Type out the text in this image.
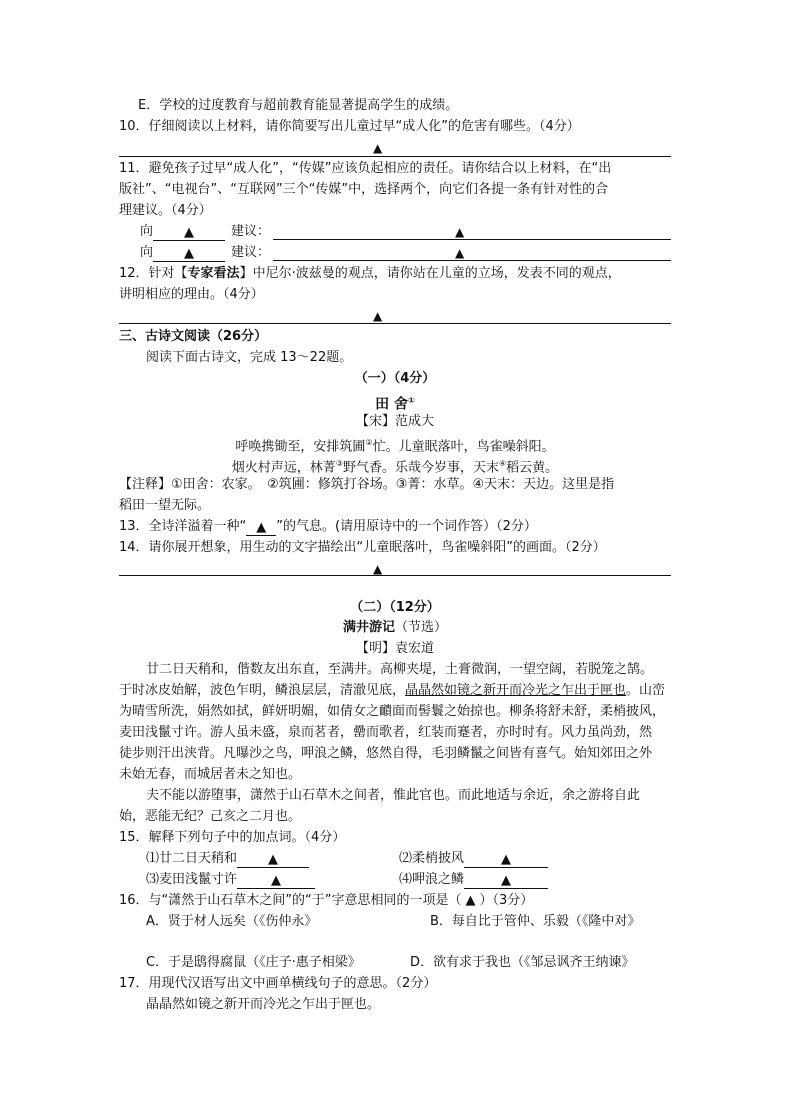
E．学校的过度教育与超前教育能显著提高学生的成绩。
10．仔细阅读以上材料，请你简要写出儿童过早“成人化”的危害有哪些。（4分）
▲
11．避免孩子过早“成人化”，“传媒”应该负起相应的责任。请你结合以上材料，在“出
版社”、“电视台”、“互联网”三个“传媒”中，选择两个，向它们各提一条有针对性的合
理建议。（4分）
向 ▲	建议：	▲
向 ▲	建议：	▲
12．针对【专家看法】中尼尔·波兹曼的观点，请你站在儿童的立场，发表不同的观点，
讲明相应的理由。（4分）
▲
三、古诗文阅读（26分）
阅读下面古诗文，完成 13～22题。
（一）（4分）
田 舍①
【宋】范成大
呼唤携锄至，安排筑圃②忙。儿童眠落叶，鸟雀噪斜阳。
烟火村声远，林菁③野气香。乐哉今岁事，天末④稻云黄。
【注释】①田舍：农家。　②筑圃：修筑打谷场。③菁：水草。④天末：天边。这里是指
稻田一望无际。
13．全诗洋溢着一种“ ▲ ”的气息。(请用原诗中的一个词作答）（2分）
14．请你展开想象，用生动的文字描绘出“儿童眠落叶，鸟雀噪斜阳”的画面。（2分）
▲
（二）（12分）
满井游记（节选）
【明】袁宏道
廿二日天稍和，偕数友出东直，至满井。高柳夹堤，土膏微润，一望空阔，若脱笼之鹄。
于时冰皮始解，波色乍明，鳞浪层层，清澈见底，晶晶然如镜之新开而冷光之乍出于匣也。山峦
为晴雪所洗，娟然如拭，鲜妍明媚，如倩女之靧面而髻鬟之始掠也。柳条将舒未舒，柔梢披风，
麦田浅鬣寸许。游人虽未盛，泉而茗者，罍而歌者，红装而蹇者，亦时时有。风力虽尚劲，然
徒步则汗出浃背。凡曝沙之鸟，呷浪之鳞，悠然自得，毛羽鳞鬣之间皆有喜气。始知郊田之外
未始无春，而城居者未之知也。
夫不能以游堕事，潇然于山石草木之间者，惟此官也。而此地适与余近，余之游将自此
始，恶能无纪？己亥之二月也。
15．解释下列句子中的加点词。（4分）
⑴廿二日天稍和 ▲	⑵柔梢披风	▲
⑶麦田浅鬣寸许	▲	⑷呷浪之鳞	▲
16．与“潇然于山石草木之间”的“于”字意思相同的一项是（ ▲ ）（3分）
A．贤于材人远矣（《伤仲永》	B．每自比于管仲、乐毅（《隆中对》
C．于是鸱得腐鼠（《庄子·惠子相梁》	D．欲有求于我也（《邹忌讽齐王纳谏》
17．用现代汉语写出文中画单横线句子的意思。（2分）
晶晶然如镜之新开而冷光之乍出于匣也。
